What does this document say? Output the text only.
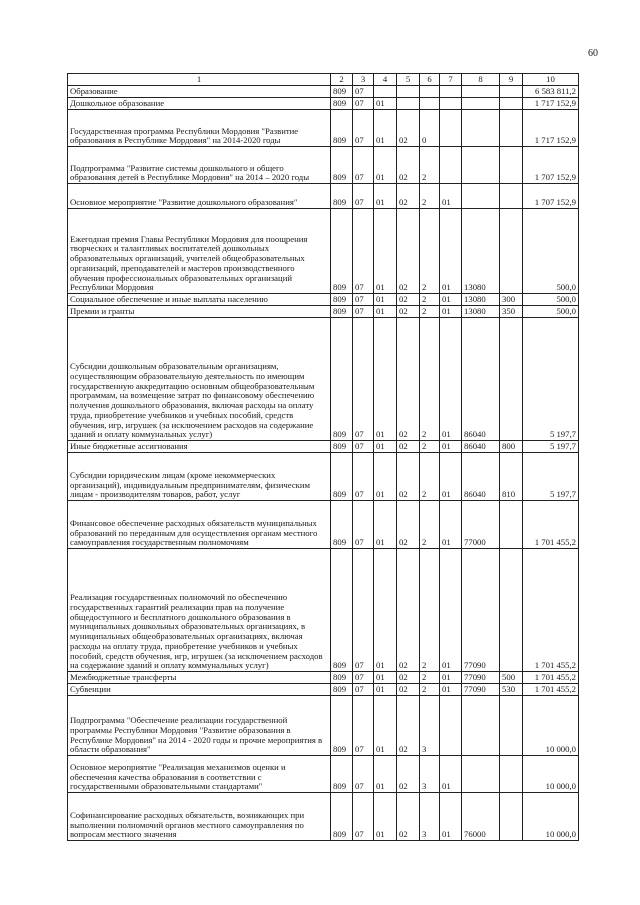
60
1	2	3	4	5	6	7	8	9	10
Образование	809	07							6 583 811,2
Дошкольное образование	809	07	01						1 717 152,9
Государственная программа Республики Мордовия "Развитие образования в Республике Мордовия" на 2014-2020 годы	809	07	01	02	0				1 717 152,9
Подпрограмма "Развитие системы дошкольного и общего образования детей в Республике Мордовия" на 2014 – 2020 годы	809	07	01	02	2				1 707 152,9
Основное мероприятие "Развитие дошкольного образования"	809	07	01	02	2	01			1 707 152,9
Ежегодная премия Главы Республики Мордовия для поощрения творческих и талантливых воспитателей дошкольных образовательных организаций, учителей общеобразовательных организаций, преподавателей и мастеров производственного обучения профессиональных образовательных организаций Республики Мордовия	809	07	01	02	2	01	13080		500,0
Социальное обеспечение и иные выплаты населению	809	07	01	02	2	01	13080	300	500,0
Премии и гранты	809	07	01	02	2	01	13080	350	500,0
Субсидии дошкольным образовательным организациям, осуществляющим образовательную деятельность по имеющим государственную аккредитацию основным общеобразовательным программам, на возмещение затрат по финансовому обеспечению получения дошкольного образования, включая расходы на оплату труда, приобретение учебников и учебных пособий, средств обучения, игр, игрушек (за исключением расходов на содержание зданий и оплату коммунальных услуг)	809	07	01	02	2	01	86040		5 197,7
Иные бюджетные ассигнования	809	07	01	02	2	01	86040	800	5 197,7
Субсидии юридическим лицам (кроме некоммерческих организаций), индивидуальным предпринимателям, физическим лицам - производителям товаров, работ, услуг	809	07	01	02	2	01	86040	810	5 197,7
Финансовое обеспечение расходных обязательств муниципальных образований по переданным для осуществления органам местного самоуправления государственным полномочиям	809	07	01	02	2	01	77000		1 701 455,2
Реализация государственных полномочий по обеспечению государственных гарантий реализации прав на получение общедоступного и бесплатного дошкольного образования в муниципальных дошкольных образовательных организациях, в муниципальных общеобразовательных организациях, включая расходы на оплату труда, приобретение учебников и учебных пособий, средств обучения, игр, игрушек (за исключением расходов на содержание зданий и оплату коммунальных услуг)	809	07	01	02	2	01	77090		1 701 455,2
Межбюджетные трансферты	809	07	01	02	2	01	77090	500	1 701 455,2
Субвенции	809	07	01	02	2	01	77090	530	1 701 455,2
Подпрограмма "Обеспечение реализации государственной программы Республики Мордовия "Развитие образования в Республике Мордовия" на 2014 - 2020 годы и прочие мероприятия в области образования"	809	07	01	02	3				10 000,0
Основное мероприятие "Реализация механизмов оценки и обеспечения качества образования в соответствии с государственными образовательными стандартами"	809	07	01	02	3	01			10 000,0
Софинансирование расходных обязательств, возникающих при выполнении полномочий органов местного самоуправления по вопросам местного значения	809	07	01	02	3	01	76000		10 000,0
